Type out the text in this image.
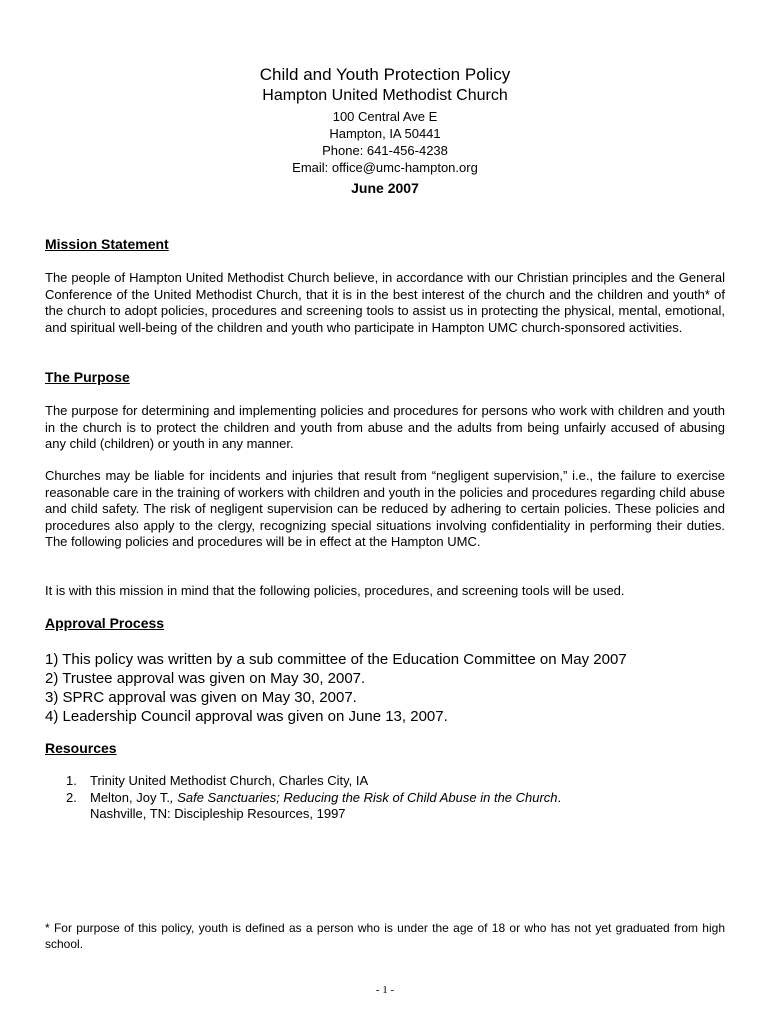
Child and Youth Protection Policy
Hampton United Methodist Church
100 Central Ave E
Hampton, IA 50441
Phone: 641-456-4238
Email: office@umc-hampton.org
June 2007
Mission Statement
The people of Hampton United Methodist Church believe, in accordance with our Christian principles and the General Conference of the United Methodist Church, that it is in the best interest of the church and the children and youth* of the church to adopt policies, procedures and screening tools to assist us in protecting the physical, mental, emotional, and spiritual well-being of the children and youth who participate in Hampton UMC church-sponsored activities.
The Purpose
The purpose for determining and implementing policies and procedures for persons who work with children and youth in the church is to protect the children and youth from abuse and the adults from being unfairly accused of abusing any child (children) or youth in any manner.
Churches may be liable for incidents and injuries that result from “negligent supervision,” i.e., the failure to exercise reasonable care in the training of workers with children and youth in the policies and procedures regarding child abuse and child safety. The risk of negligent supervision can be reduced by adhering to certain policies. These policies and procedures also apply to the clergy, recognizing special situations involving confidentiality in performing their duties. The following policies and procedures will be in effect at the Hampton UMC.
It is with this mission in mind that the following policies, procedures, and screening tools will be used.
Approval Process
1) This policy was written by a sub committee of the Education Committee on May 2007
2) Trustee approval was given on May 30, 2007.
3) SPRC approval was given on May 30, 2007.
4) Leadership Council approval was given on June 13, 2007.
Resources
1.	Trinity United Methodist Church, Charles City, IA
2.	Melton, Joy T., Safe Sanctuaries; Reducing the Risk of Child Abuse in the Church.
Nashville, TN: Discipleship Resources, 1997
* For purpose of this policy, youth is defined as a person who is under the age of 18 or who has not yet graduated from high school.
- 1 -
